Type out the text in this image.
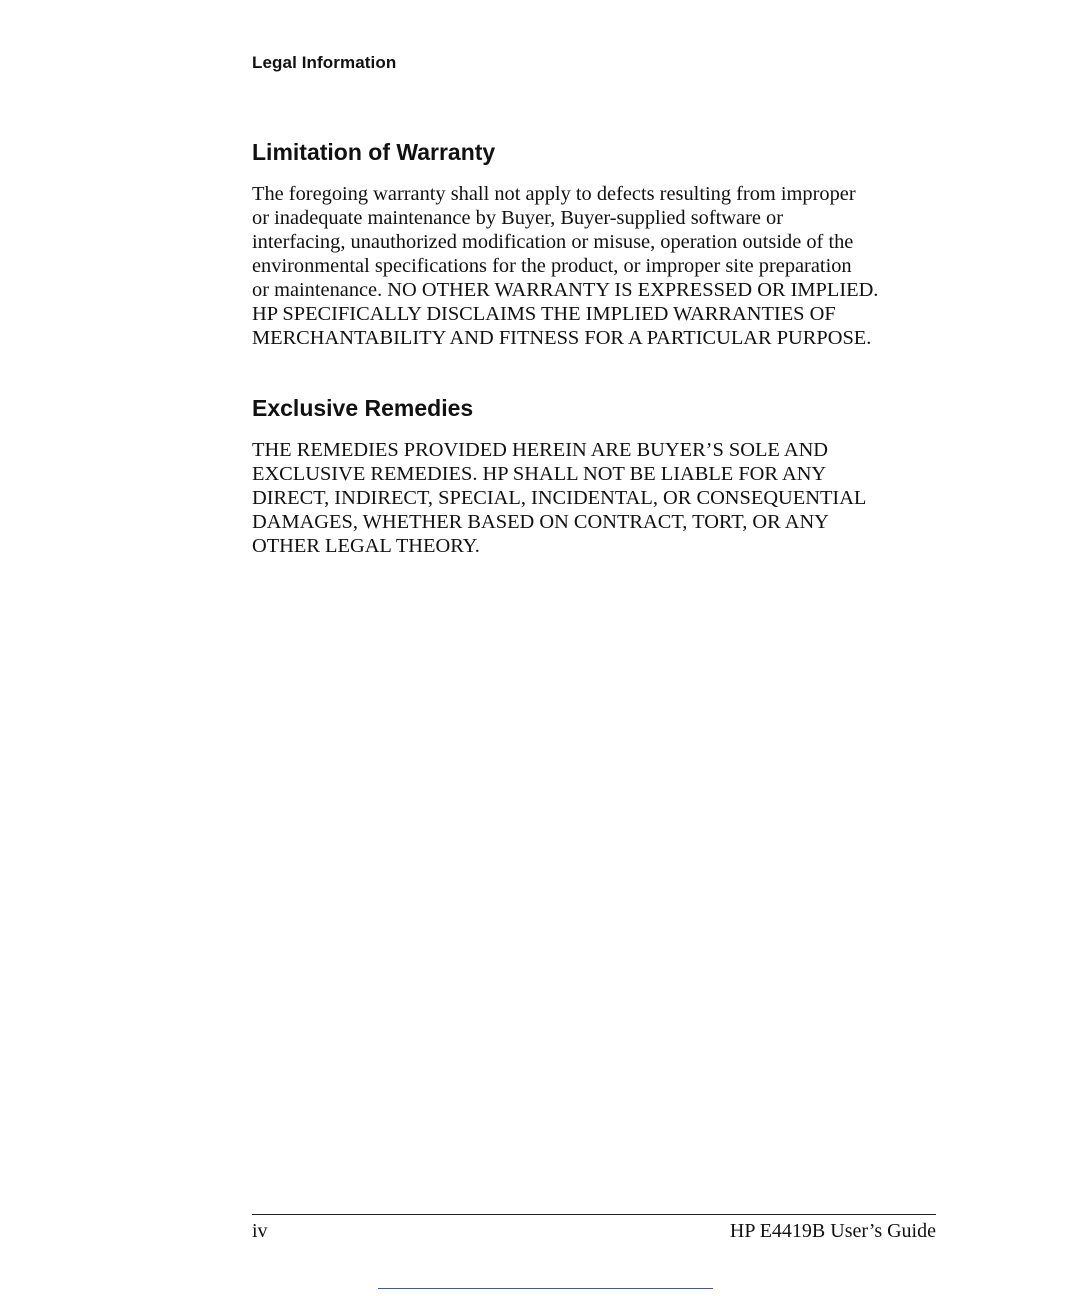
Legal Information
Limitation of Warranty

The foregoing warranty shall not apply to defects resulting from improper
or inadequate maintenance by Buyer, Buyer-supplied software or
interfacing, unauthorized modification or misuse, operation outside of the
environmental specifications for the product, or improper site preparation
or maintenance. NO OTHER WARRANTY IS EXPRESSED OR IMPLIED.
HP SPECIFICALLY DISCLAIMS THE IMPLIED WARRANTIES OF
MERCHANTABILITY AND FITNESS FOR A PARTICULAR PURPOSE.

Exclusive Remedies

THE REMEDIES PROVIDED HEREIN ARE BUYER’S SOLE AND
EXCLUSIVE REMEDIES. HP SHALL NOT BE LIABLE FOR ANY
DIRECT, INDIRECT, SPECIAL, INCIDENTAL, OR CONSEQUENTIAL
DAMAGES, WHETHER BASED ON CONTRACT, TORT, OR ANY
OTHER LEGAL THEORY.

iv	HP E4419B User’s Guide
